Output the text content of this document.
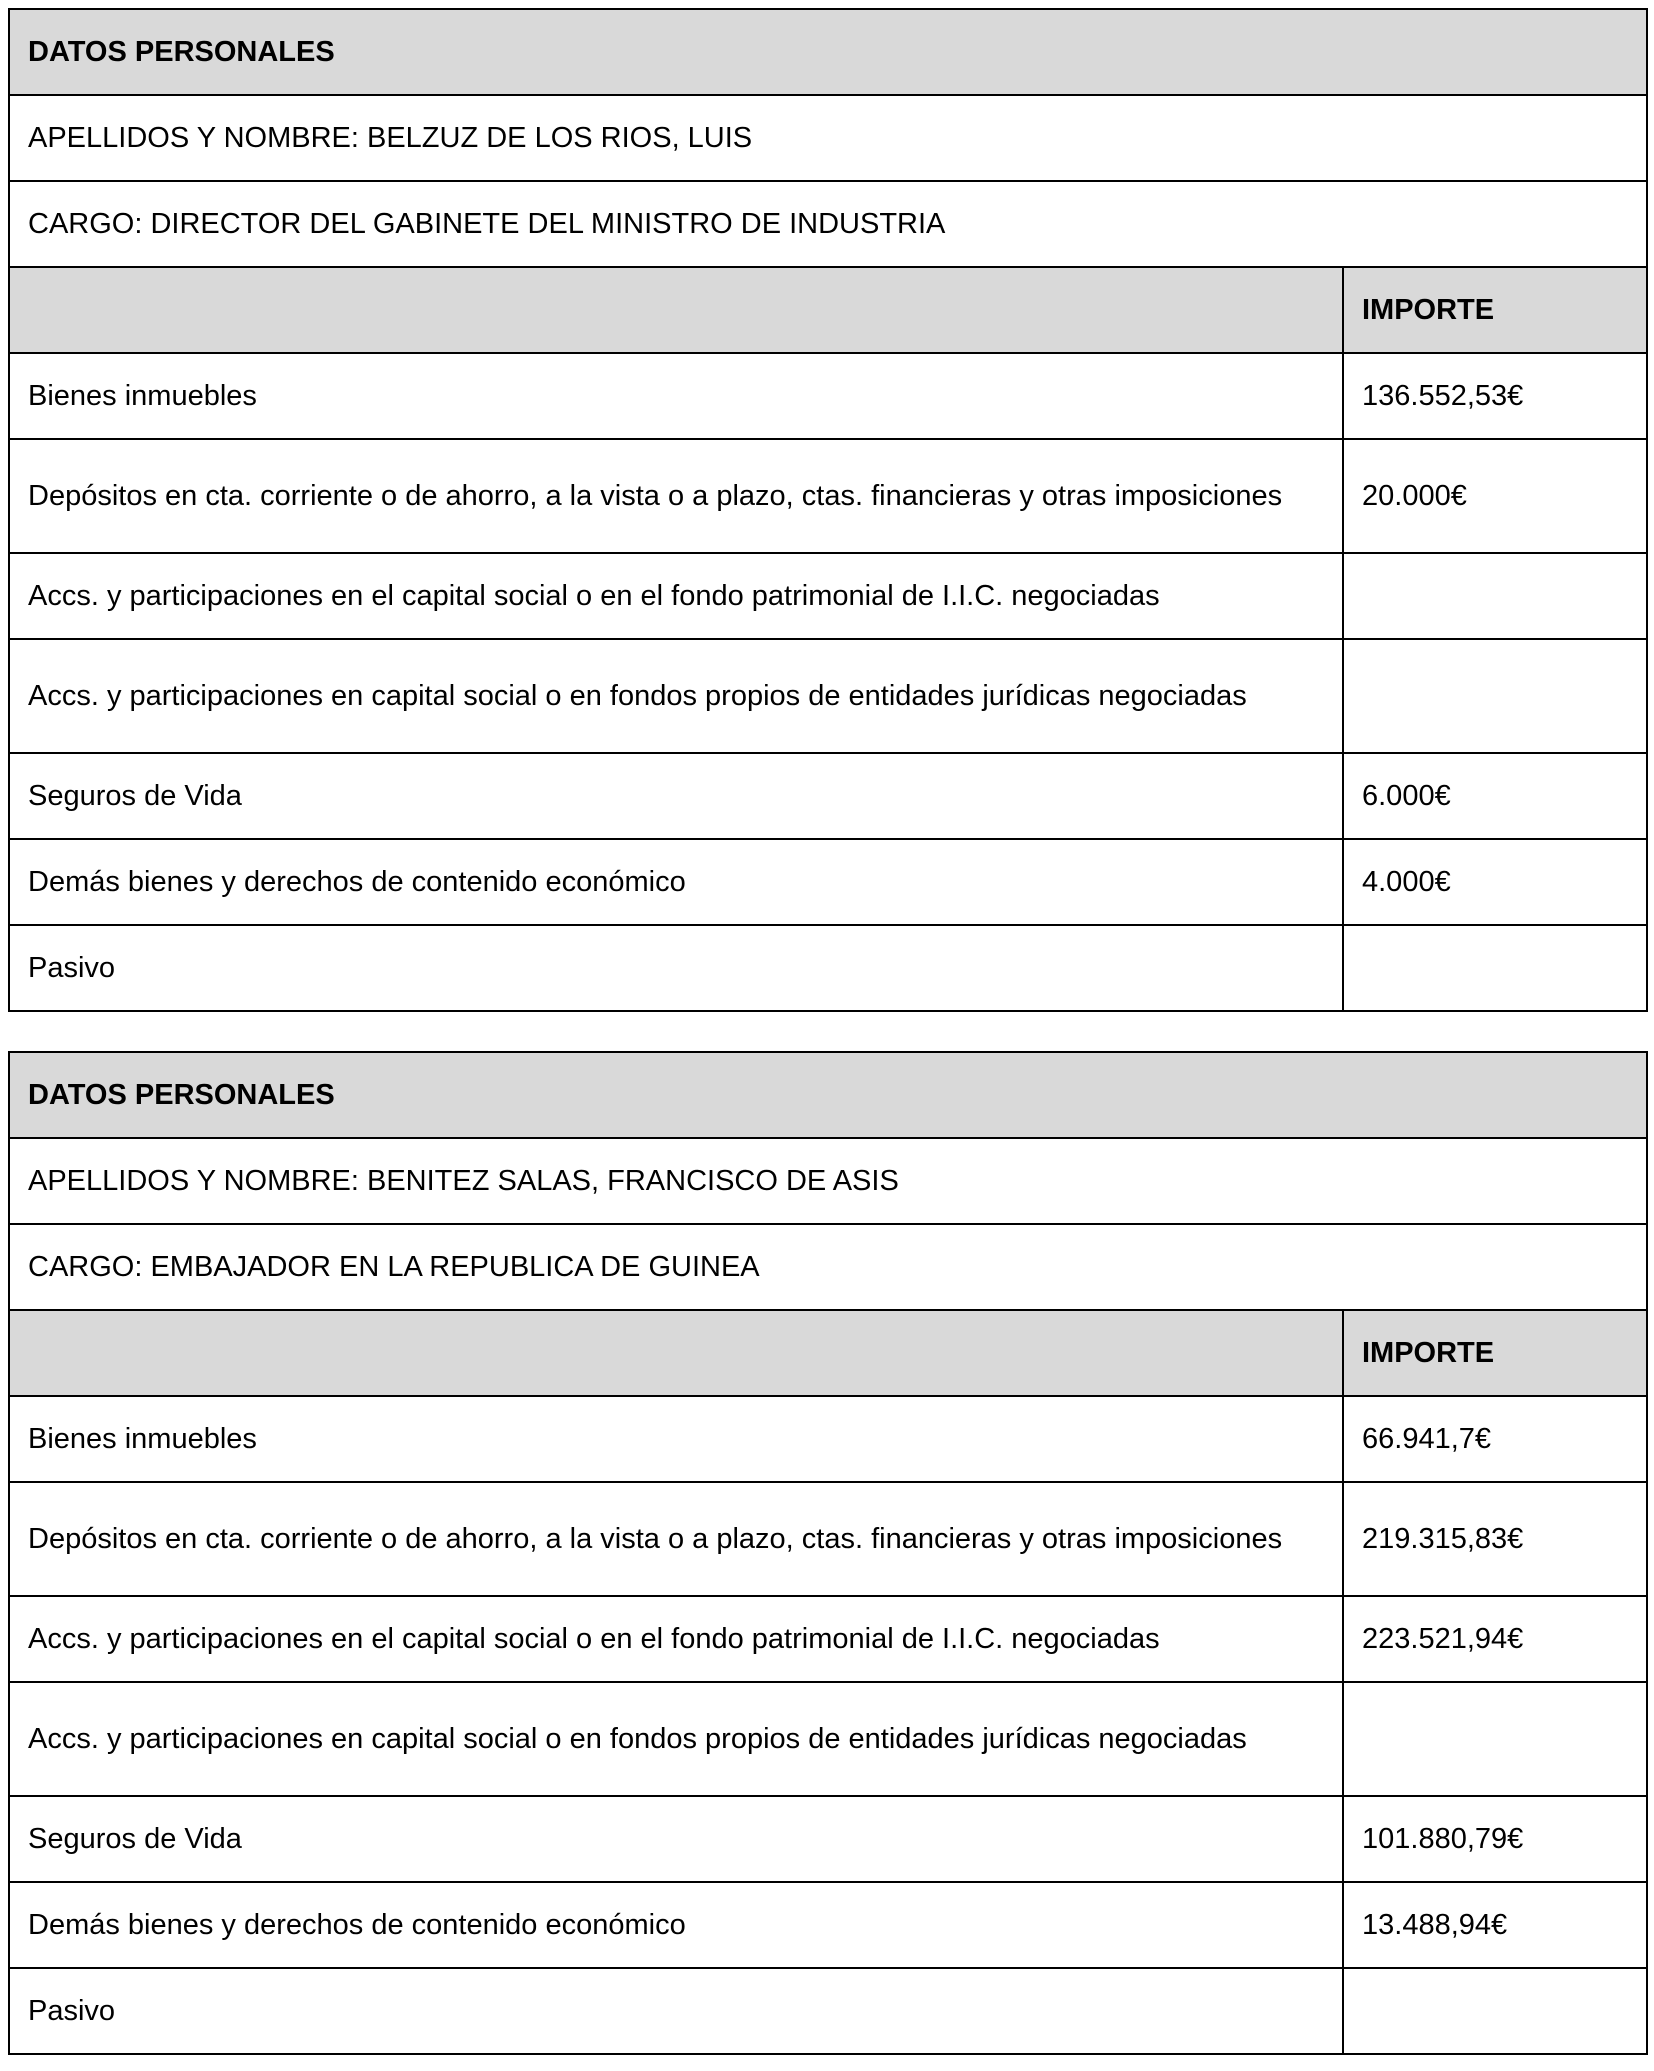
DATOS PERSONALES	
APELLIDOS Y NOMBRE: BELZUZ DE LOS RIOS, LUIS	
CARGO: DIRECTOR DEL GABINETE DEL MINISTRO DE INDUSTRIA	
	IMPORTE
Bienes inmuebles	136.552,53€
Depósitos en cta. corriente o de ahorro, a la vista o a plazo, ctas. financieras y otras imposiciones	20.000€
Accs. y participaciones en el capital social o en el fondo patrimonial de I.I.C. negociadas	
Accs. y participaciones en capital social o en fondos propios de entidades jurídicas negociadas	
Seguros de Vida	6.000€
Demás bienes y derechos de contenido económico	4.000€
Pasivo	
DATOS PERSONALES	
APELLIDOS Y NOMBRE: BENITEZ SALAS, FRANCISCO DE ASIS	
CARGO: EMBAJADOR EN LA REPUBLICA DE GUINEA	
	IMPORTE
Bienes inmuebles	66.941,7€
Depósitos en cta. corriente o de ahorro, a la vista o a plazo, ctas. financieras y otras imposiciones	219.315,83€
Accs. y participaciones en el capital social o en el fondo patrimonial de I.I.C. negociadas	223.521,94€
Accs. y participaciones en capital social o en fondos propios de entidades jurídicas negociadas	
Seguros de Vida	101.880,79€
Demás bienes y derechos de contenido económico	13.488,94€
Pasivo	
